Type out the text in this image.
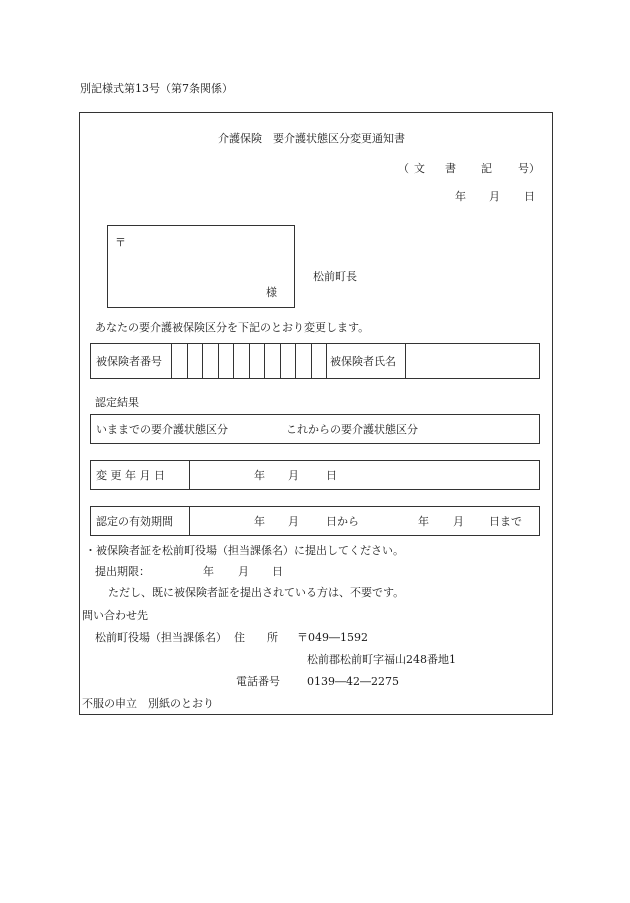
別記様式第13号（第7条関係）
介護保険　要介護状態区分変更通知書
（ 文 書 記 号 ）
年 月 日
〒
様
松前町長
あなたの要介護被保険区分を下記のとおり変更します。
被保険者番号	被保険者氏名
認定結果
いままでの要介護状態区分	これからの要介護状態区分
変 更 年 月 日	年 月 日
認定の有効期間	年 月 日から	年 月 日まで
・被保険者証を松前町役場（担当課係名）に提出してください。
提出期限：	年 月 日
ただし、既に被保険者証を提出されている方は、不要です。
問い合わせ先
松前町役場（担当課係名） 住　　所 〒049―1592
松前郡松前町字福山248番地1
電話番号 0139―42―2275
不服の申立　別紙のとおり
